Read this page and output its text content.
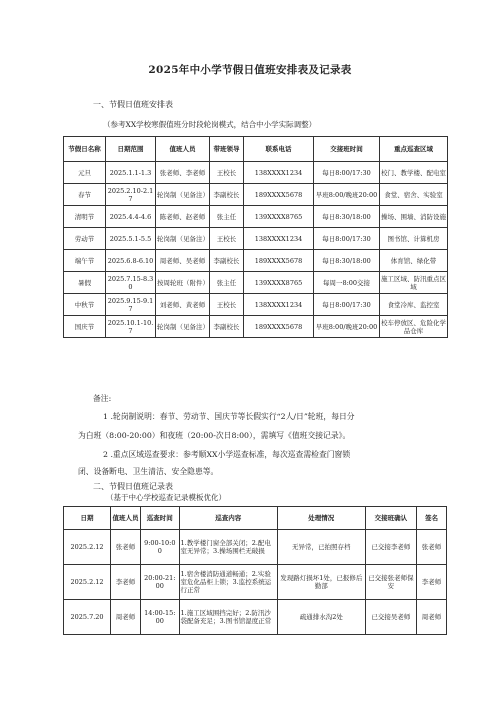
2025年中小学节假日值班安排表及记录表
一、节假日值班安排表
（参考XX学校寒假值班分时段轮岗模式，结合中小学实际调整）
节假日名称	日期范围	值班人员	带班领导	联系电话	交接班时间	重点巡查区域
元旦	2025.1.1-1.3	张老师、李老师	王校长	138XXXX1234	每日8:00/17:30	校门、教学楼、配电室
春节	2025.2.10-2.17	轮岗制（见备注）	李副校长	189XXXX5678	早班8:00/晚班20:00	食堂、宿舍、实验室
清明节	2025.4.4-4.6	陈老师、赵老师	张主任	139XXXX8765	每日8:30/18:00	操场、围墙、消防设施
劳动节	2025.5.1-5.5	轮岗制（见备注）	王校长	138XXXX1234	每日8:00/17:30	图书馆、计算机房
端午节	2025.6.8-6.10	周老师、吴老师	李副校长	189XXXX5678	每日8:30/18:00	体育馆、绿化带
暑假	2025.7.15-8.30	按周轮班（附件）	张主任	139XXXX8765	每周一8:00交接	施工区域、防汛重点区域
中秋节	2025.9.15-9.17	刘老师、黄老师	王校长	138XXXX1234	每日8:00/17:30	食堂冷库、监控室
国庆节	2025.10.1-10.7	轮岗制（见备注）	李副校长	189XXXX5678	早班8:00/晚班20:00	校车停放区、危险化学品仓库
备注:
1 .轮岗制说明：春节、劳动节、国庆节等长假实行“2人/日”轮班，每日分
为白班（8:00-20:00）和夜班（20:00-次日8:00），需填写《值班交接记录》。
2 .重点区域巡查要求：参考顺XX小学巡查标准，每次巡查需检查门窗锁
闭、设备断电、卫生清洁、安全隐患等。
二、节假日值班记录表
（基于中心学校巡查记录模板优化）
日期	值班人员	巡查时间	巡查内容	处理情况	交接班确认	签名
2025.2.12	张老师	9:00-10:00	1.教学楼门窗全部关闭；2.配电室无异常；3.操场围栏无破损	无异常，已拍照存档	已交接李老师	张老师
2025.2.12	李老师	20:00-21:00	1.宿舍楼消防通道畅通；2.实验室危化品柜上锁；3.监控系统运行正常	发现路灯损坏1处，已报修后勤部	已交接张老师保安	李老师
2025.7.20	周老师	14:00-15:00	1.施工区域围挡完好；2.防汛沙袋配备充足；3.图书馆湿度正常	疏通排水沟2处	已交接吴老师	周老师
